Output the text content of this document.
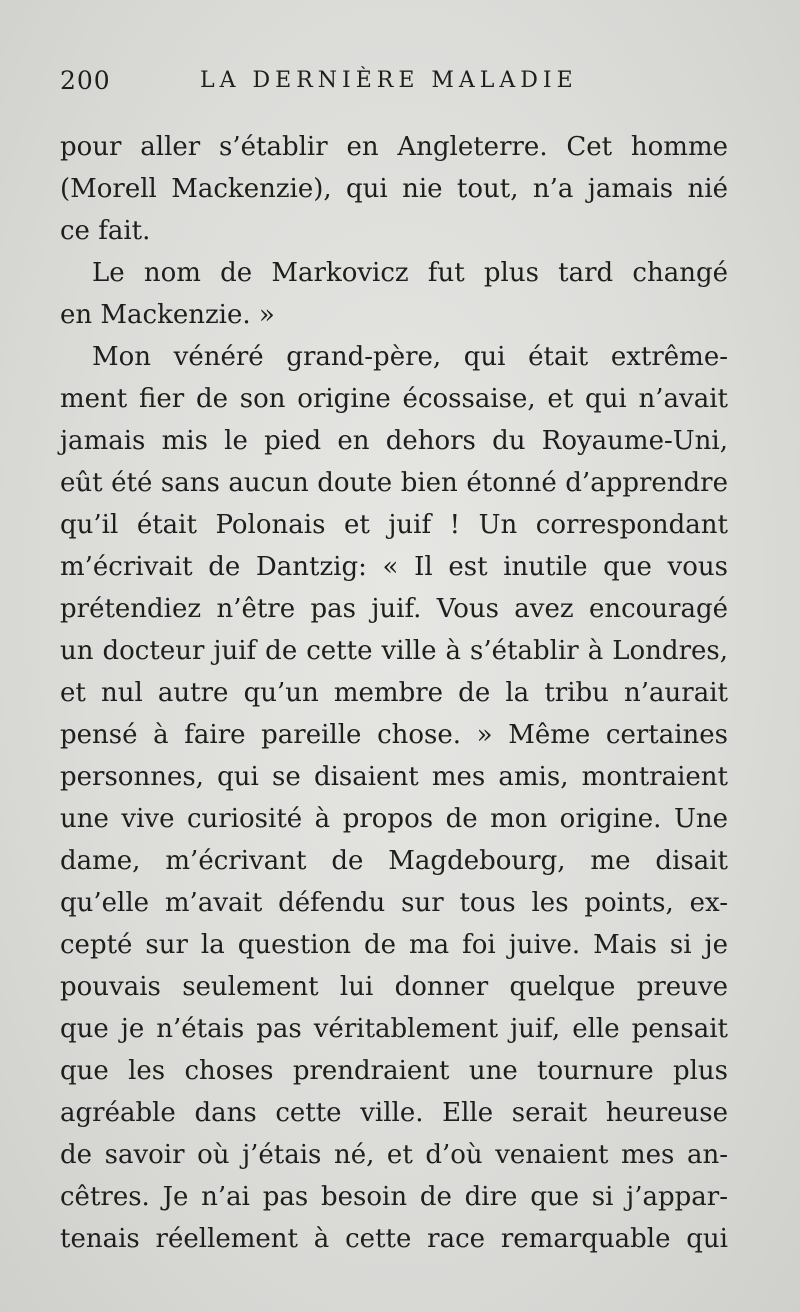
200	LA DERNIÈRE MALADIE
pour aller s’établir en Angleterre. Cet homme
(Morell Mackenzie), qui nie tout, n’a jamais nié
ce fait.
Le nom de Markovicz fut plus tard changé
en Mackenzie. »
Mon vénéré grand-père, qui était extrême-
ment fier de son origine écossaise, et qui n’avait
jamais mis le pied en dehors du Royaume-Uni,
eût été sans aucun doute bien étonné d’apprendre
qu’il était Polonais et juif ! Un correspondant
m’écrivait de Dantzig: « Il est inutile que vous
prétendiez n’être pas juif. Vous avez encouragé
un docteur juif de cette ville à s’établir à Londres,
et nul autre qu’un membre de la tribu n’aurait
pensé à faire pareille chose. » Même certaines
personnes, qui se disaient mes amis, montraient
une vive curiosité à propos de mon origine. Une
dame, m’écrivant de Magdebourg, me disait
qu’elle m’avait défendu sur tous les points, ex-
cepté sur la question de ma foi juive. Mais si je
pouvais seulement lui donner quelque preuve
que je n’étais pas véritablement juif, elle pensait
que les choses prendraient une tournure plus
agréable dans cette ville. Elle serait heureuse
de savoir où j’étais né, et d’où venaient mes an-
cêtres. Je n’ai pas besoin de dire que si j’appar-
tenais réellement à cette race remarquable qui
